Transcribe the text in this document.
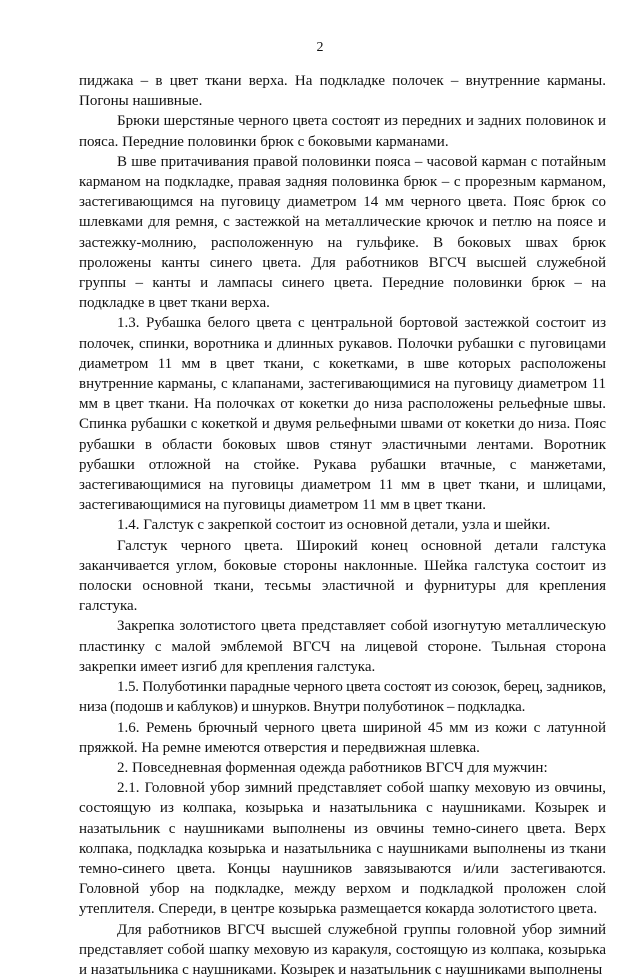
2

пиджака – в цвет ткани верха. На подкладке полочек – внутренние карманы. Погоны нашивные.

Брюки шерстяные черного цвета состоят из передних и задних половинок и пояса. Передние половинки брюк с боковыми карманами.

В шве притачивания правой половинки пояса – часовой карман с потайным карманом на подкладке, правая задняя половинка брюк – с прорезным карманом, застегивающимся на пуговицу диаметром 14 мм черного цвета. Пояс брюк со шлевками для ремня, с застежкой на металлические крючок и петлю на поясе и застежку-молнию, расположенную на гульфике. В боковых швах брюк проложены канты синего цвета. Для работников ВГСЧ высшей служебной группы – канты и лампасы синего цвета. Передние половинки брюк – на подкладке в цвет ткани верха.

1.3. Рубашка белого цвета с центральной бортовой застежкой состоит из полочек, спинки, воротника и длинных рукавов. Полочки рубашки с пуговицами диаметром 11 мм в цвет ткани, с кокетками, в шве которых расположены внутренние карманы, с клапанами, застегивающимися на пуговицу диаметром 11 мм в цвет ткани. На полочках от кокетки до низа расположены рельефные швы. Спинка рубашки с кокеткой и двумя рельефными швами от кокетки до низа. Пояс рубашки в области боковых швов стянут эластичными лентами. Воротник рубашки отложной на стойке. Рукава рубашки втачные, с манжетами, застегивающимися на пуговицы диаметром 11 мм в цвет ткани, и шлицами, застегивающимися на пуговицы диаметром 11 мм в цвет ткани.

1.4. Галстук с закрепкой состоит из основной детали, узла и шейки.

Галстук черного цвета. Широкий конец основной детали галстука заканчивается углом, боковые стороны наклонные. Шейка галстука состоит из полоски основной ткани, тесьмы эластичной и фурнитуры для крепления галстука.

Закрепка золотистого цвета представляет собой изогнутую металлическую пластинку с малой эмблемой ВГСЧ на лицевой стороне. Тыльная сторона закрепки имеет изгиб для крепления галстука.

1.5. Полуботинки парадные черного цвета состоят из союзок, берец, задников, низа (подошв и каблуков) и шнурков. Внутри полуботинок – подкладка.

1.6. Ремень брючный черного цвета шириной 45 мм из кожи с латунной пряжкой. На ремне имеются отверстия и передвижная шлевка.

2. Повседневная форменная одежда работников ВГСЧ для мужчин:

2.1. Головной убор зимний представляет собой шапку меховую из овчины, состоящую из колпака, козырька и назатыльника с наушниками. Козырек и назатыльник с наушниками выполнены из овчины темно-синего цвета. Верх колпака, подкладка козырька и назатыльника с наушниками выполнены из ткани темно-синего цвета. Концы наушников завязываются и/или застегиваются. Головной убор на подкладке, между верхом и подкладкой проложен слой утеплителя. Спереди, в центре козырька размещается кокарда золотистого цвета.

Для работников ВГСЧ высшей служебной группы головной убор зимний представляет собой шапку меховую из каракуля, состоящую из колпака, козырька и назатыльника с наушниками. Козырек и назатыльник с наушниками выполнены
